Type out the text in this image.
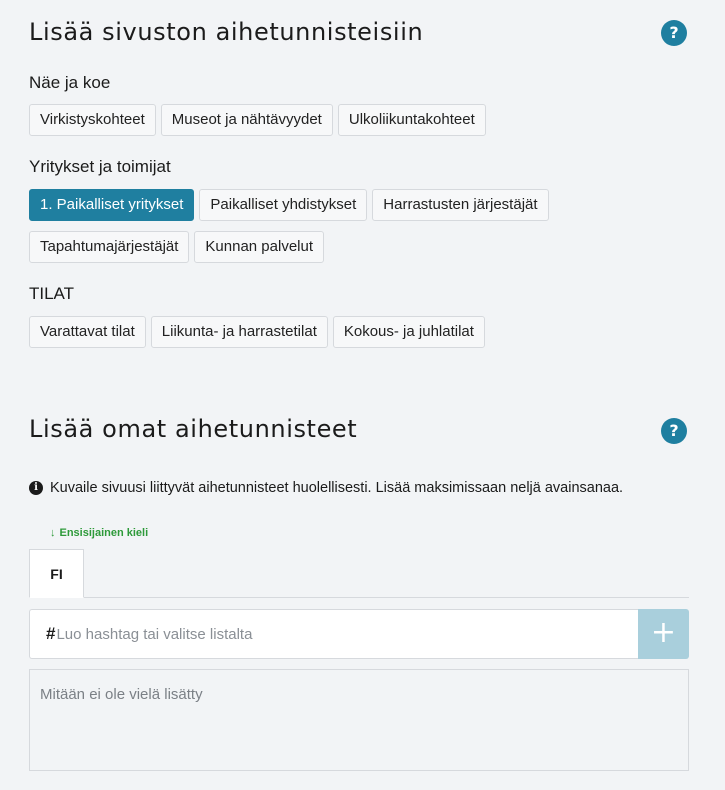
Lisää sivuston aihetunnisteisiin	?
Näe ja koe
Virkistyskohteet	Museot ja nähtävyydet	Ulkoliikuntakohteet
Yritykset ja toimijat
1. Paikalliset yritykset	Paikalliset yhdistykset	Harrastusten järjestäjät
Tapahtumajärjestäjät	Kunnan palvelut
TILAT
Varattavat tilat	Liikunta- ja harrastetilat	Kokous- ja juhlatilat
Lisää omat aihetunnisteet	?
i Kuvaile sivuusi liittyvät aihetunnisteet huolellisesti. Lisää maksimissaan neljä avainsanaa.
↓ Ensisijainen kieli
FI
#
Luo hashtag tai valitse listalta	+
Mitään ei ole vielä lisätty
